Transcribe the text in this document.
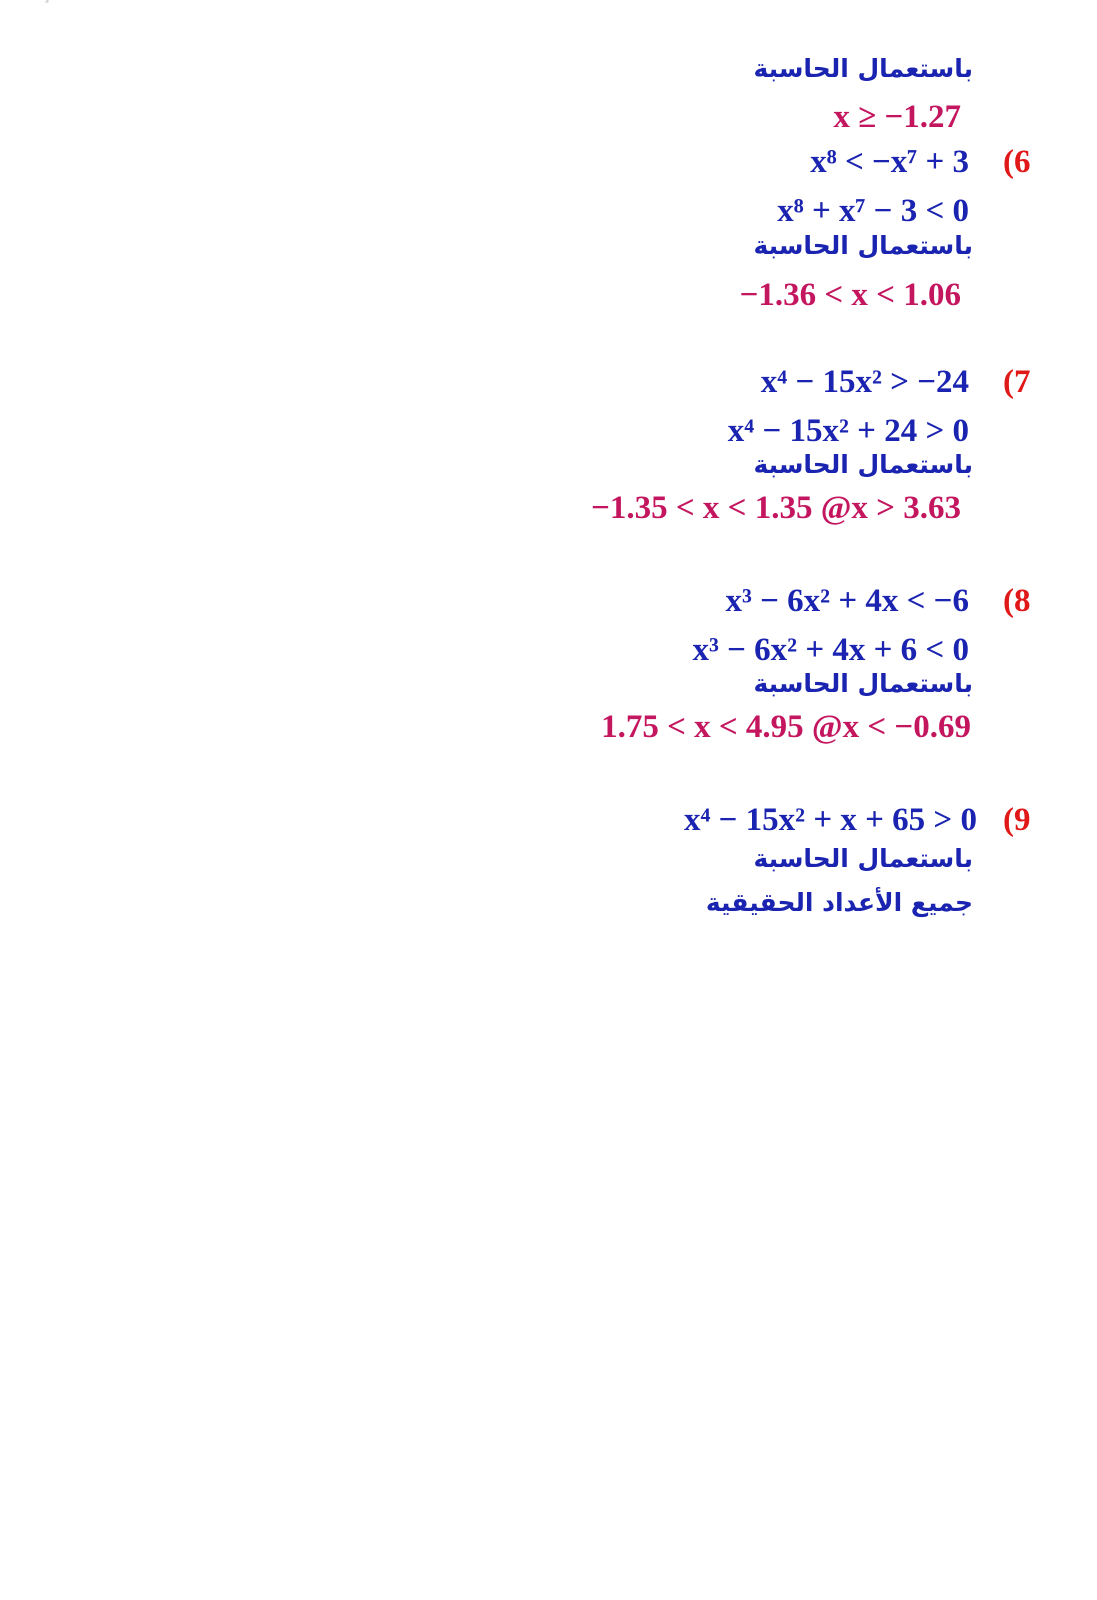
باستعمال الحاسبة
x ≥ −1.27
(6
x⁸ < −x⁷ + 3
x⁸ + x⁷ − 3 < 0
باستعمال الحاسبة
−1.36 < x < 1.06
(7
x⁴ − 15x² > −24
x⁴ − 15x² + 24 > 0
باستعمال الحاسبة
−1.35 < x < 1.35 @x > 3.63
(8
x³ − 6x² + 4x < −6
x³ − 6x² + 4x + 6 < 0
باستعمال الحاسبة
1.75 < x < 4.95 @x < −0.69
(9
x⁴ − 15x² + x + 65 > 0
باستعمال الحاسبة
جميع الأعداد الحقيقية
